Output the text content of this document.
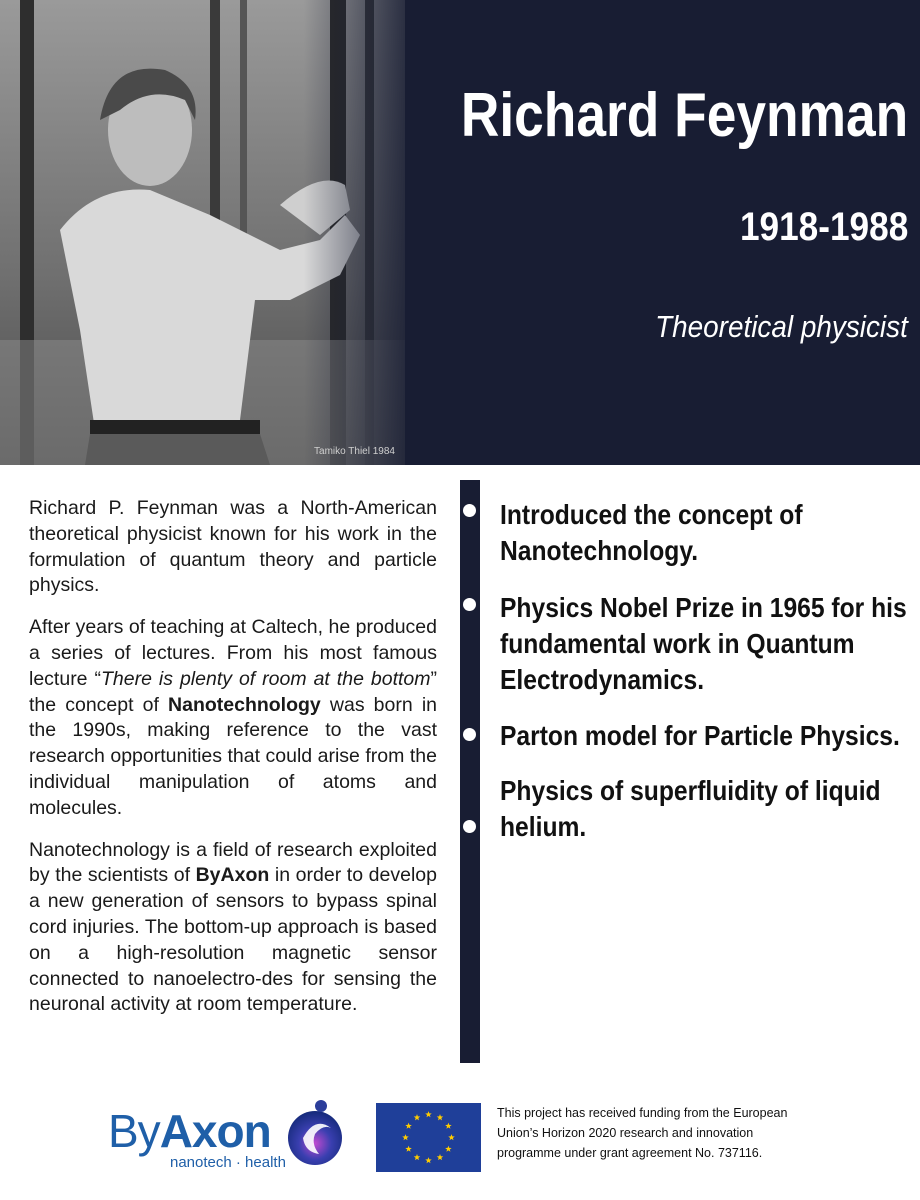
Tamiko Thiel 1984
Richard Feynman
1918-1988
Theoretical physicist

Richard P. Feynman was a North-American theoretical physicist known for his work in the formulation of quantum theory and particle physics.

After years of teaching at Caltech, he produced a series of lectures. From his most famous lecture “There is plenty of room at the bottom” the concept of Nanotechnology was born in the 1990s, making reference to the vast research opportunities that could arise from the individual manipulation of atoms and molecules.

Nanotechnology is a field of research exploited by the scientists of ByAxon in order to develop a new generation of sensors to bypass spinal cord injuries. The bottom-up approach is based on a high-resolution magnetic sensor connected to nanoelectro-des for sensing the neuronal activity at room temperature.

Introduced the concept of Nanotechnology.
Physics Nobel Prize in 1965 for his fundamental work in Quantum Electrodynamics.
Parton model for Particle Physics.
Physics of superfluidity of liquid helium.
ByAxon
nanotech · health
This project has received funding from the European Union’s Horizon 2020 research and innovation programme under grant agreement No. 737116.
